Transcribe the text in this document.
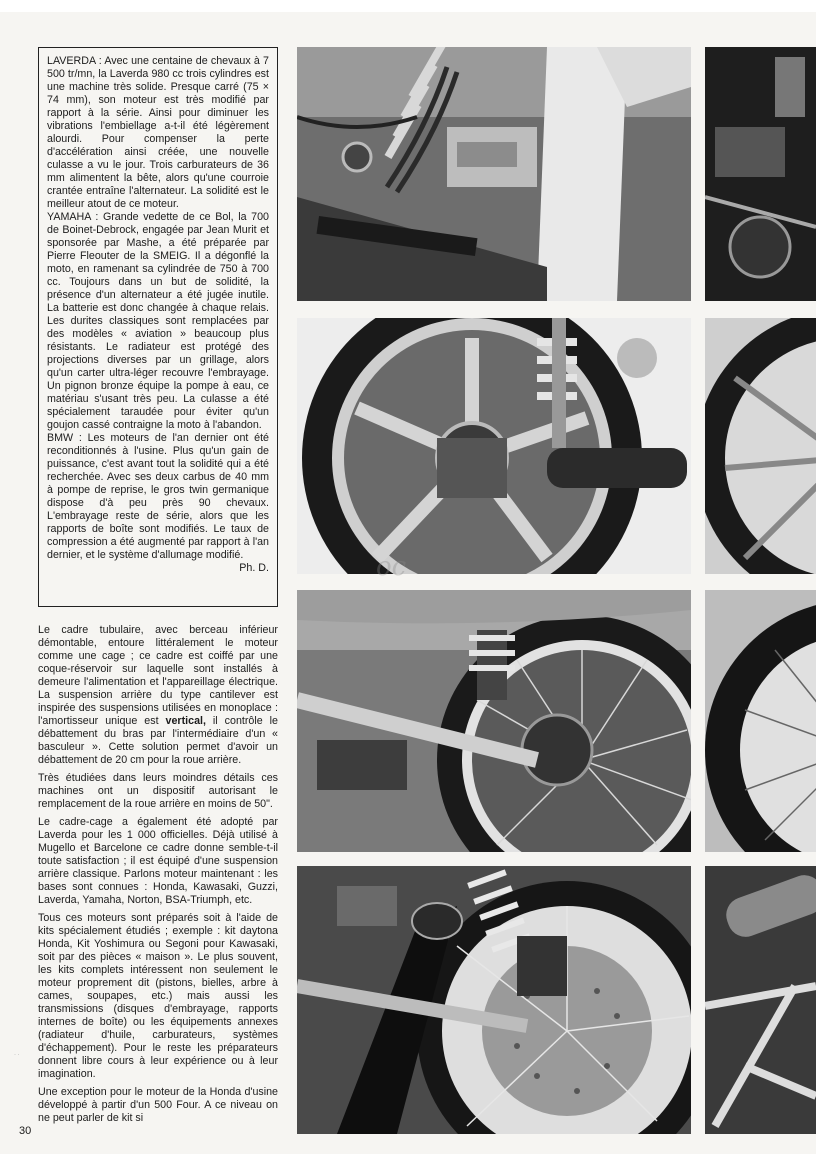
LAVERDA : Avec une centaine de chevaux à 7 500 tr/mn, la Laverda 980 cc trois cylindres est une machine très solide. Presque carré (75 × 74 mm), son moteur est très modifié par rapport à la série. Ainsi pour diminuer les vibrations l'embiellage a-t-il été légèrement alourdi. Pour compenser la perte d'accélération ainsi créée, une nouvelle culasse a vu le jour. Trois carburateurs de 36 mm alimentent la bête, alors qu'une courroie crantée entraîne l'alternateur. La solidité est le meilleur atout de ce moteur.

YAMAHA : Grande vedette de ce Bol, la 700 de Boinet-Debrock, engagée par Jean Murit et sponsorée par Mashe, a été préparée par Pierre Fleouter de la SMEIG. Il a dégonflé la moto, en ramenant sa cylindrée de 750 à 700 cc. Toujours dans un but de solidité, la présence d'un alternateur a été jugée inutile. La batterie est donc changée à chaque relais. Les durites classiques sont remplacées par des modèles « aviation » beaucoup plus résistants. Le radiateur est protégé des projections diverses par un grillage, alors qu'un carter ultra-léger recouvre l'embrayage. Un pignon bronze équipe la pompe à eau, ce matériau s'usant très peu. La culasse a été spécialement taraudée pour éviter qu'un goujon cassé contraigne la moto à l'abandon.

BMW : Les moteurs de l'an dernier ont été reconditionnés à l'usine. Plus qu'un gain de puissance, c'est avant tout la solidité qui a été recherchée. Avec ses deux carbus de 40 mm à pompe de reprise, le gros twin germanique dispose d'à peu près 90 chevaux. L'embrayage reste de série, alors que les rapports de boîte sont modifiés. Le taux de compression a été augmenté par rapport à l'an dernier, et le système d'allumage modifié.

Ph. D.

Le cadre tubulaire, avec berceau inférieur démontable, entoure littéralement le moteur comme une cage ; ce cadre est coiffé par une coque-réservoir sur laquelle sont installés à demeure l'alimentation et l'appareillage électrique. La suspension arrière du type cantilever est inspirée des suspensions utilisées en monoplace : l'amortisseur unique est vertical, il contrôle le débattement du bras par l'intermédiaire d'un « basculeur ». Cette solution permet d'avoir un débattement de 20 cm pour la roue arrière.

Très étudiées dans leurs moindres détails ces machines ont un dispositif autorisant le remplacement de la roue arrière en moins de 50".

Le cadre-cage a également été adopté par Laverda pour les 1 000 officielles. Déjà utilisé à Mugello et Barcelone ce cadre donne semble-t-il toute satisfaction ; il est équipé d'une suspension arrière classique. Parlons moteur maintenant : les bases sont connues : Honda, Kawasaki, Guzzi, Laverda, Yamaha, Norton, BSA-Triumph, etc.

Tous ces moteurs sont préparés soit à l'aide de kits spécialement étudiés ; exemple : kit daytona Honda, Kit Yoshimura ou Segoni pour Kawasaki, soit par des pièces « maison ». Le plus souvent, les kits complets intéressent non seulement le moteur proprement dit (pistons, bielles, arbre à cames, soupapes, etc.) mais aussi les transmissions (disques d'embrayage, rapports internes de boîte) ou les équipements annexes (radiateur d'huile, carburateurs, systèmes d'échappement). Pour le reste les préparateurs donnent libre cours à leur expérience ou à leur imagination.

Une exception pour le moteur de la Honda d'usine développé à partir d'un 500 Four. A ce niveau on ne peut parler de kit si

30
· ·
oc
